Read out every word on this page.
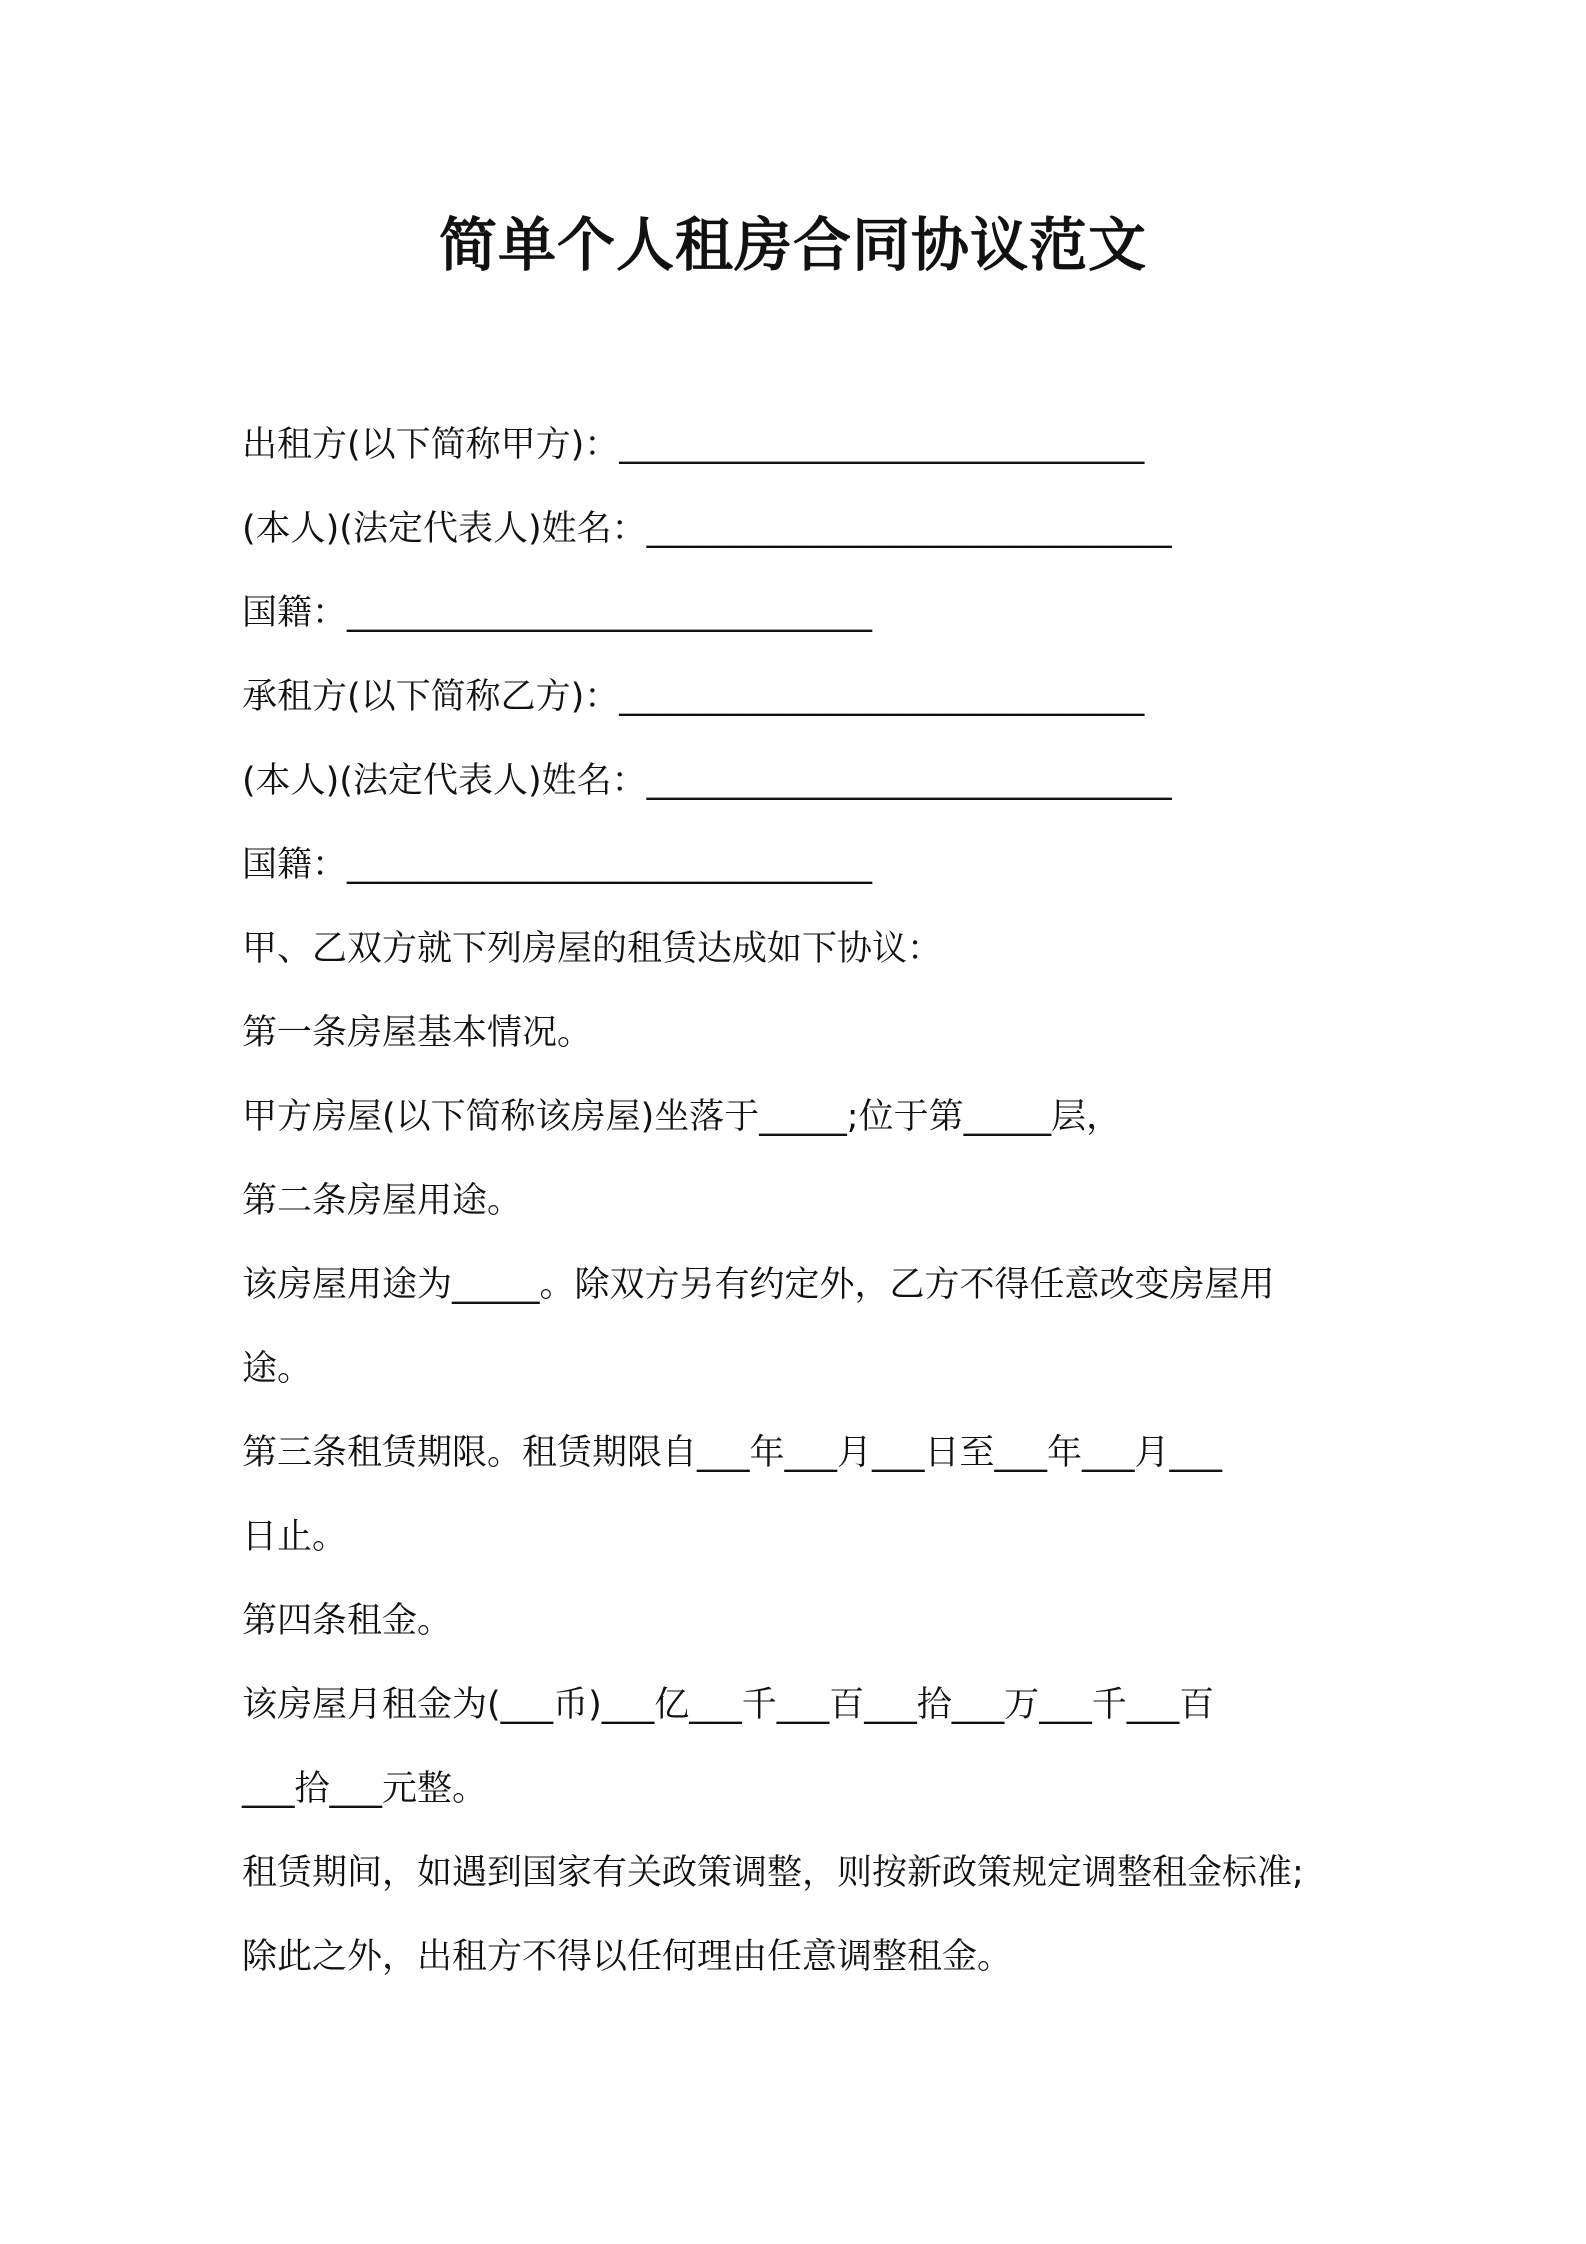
简单个人租房合同协议范文
出租方(以下简称甲方)：______________________________
(本人)(法定代表人)姓名：______________________________
国籍：______________________________
承租方(以下简称乙方)：______________________________
(本人)(法定代表人)姓名：______________________________
国籍：______________________________
甲、乙双方就下列房屋的租赁达成如下协议：
第一条房屋基本情况。
甲方房屋(以下简称该房屋)坐落于_____;位于第_____层，
第二条房屋用途。
该房屋用途为_____。除双方另有约定外，乙方不得任意改变房屋用
途。
第三条租赁期限。租赁期限自___年___月___日至___年___月___
日止。
第四条租金。
该房屋月租金为(___币)___亿___千___百___拾___万___千___百
___拾___元整。
租赁期间，如遇到国家有关政策调整，则按新政策规定调整租金标准;
除此之外，出租方不得以任何理由任意调整租金。
